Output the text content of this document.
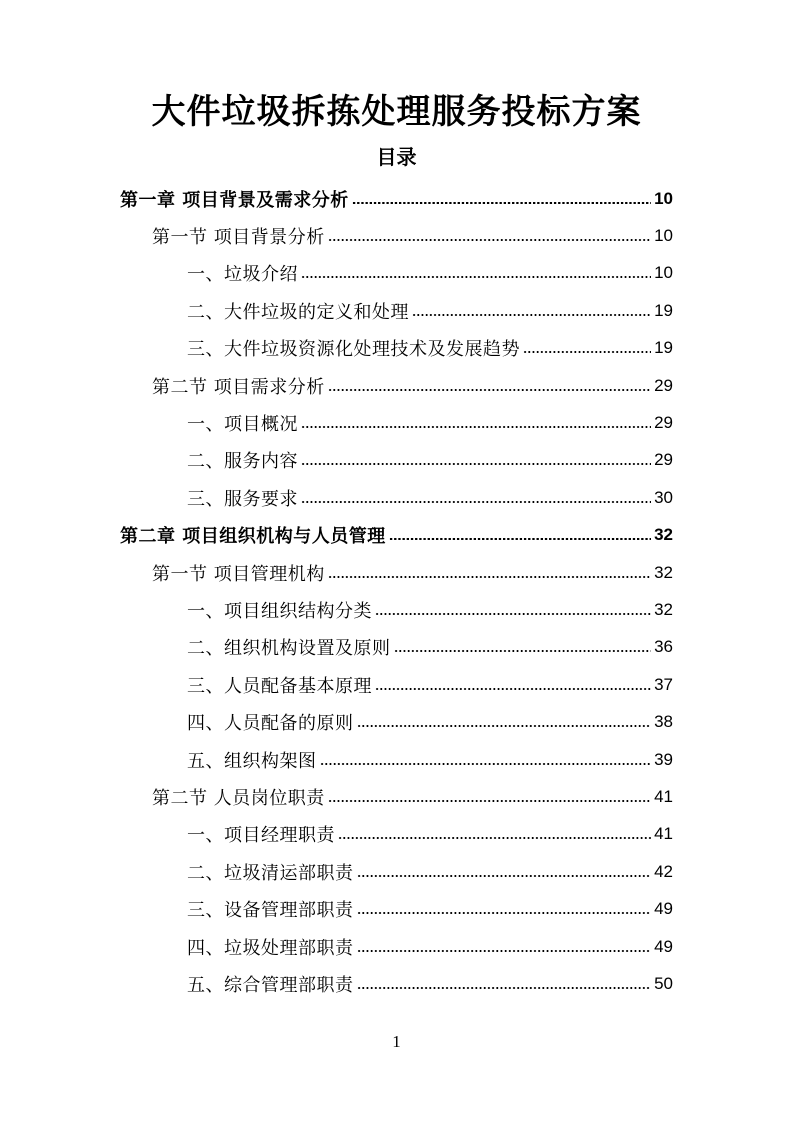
大件垃圾拆拣处理服务投标方案
目录
第一章 项目背景及需求分析	10
第一节 项目背景分析	10
一、垃圾介绍	10
二、大件垃圾的定义和处理	19
三、大件垃圾资源化处理技术及发展趋势	19
第二节 项目需求分析	29
一、项目概况	29
二、服务内容	29
三、服务要求	30
第二章 项目组织机构与人员管理	32
第一节 项目管理机构	32
一、项目组织结构分类	32
二、组织机构设置及原则	36
三、人员配备基本原理	37
四、人员配备的原则	38
五、组织构架图	39
第二节 人员岗位职责	41
一、项目经理职责	41
二、垃圾清运部职责	42
三、设备管理部职责	49
四、垃圾处理部职责	49
五、综合管理部职责	50
1
